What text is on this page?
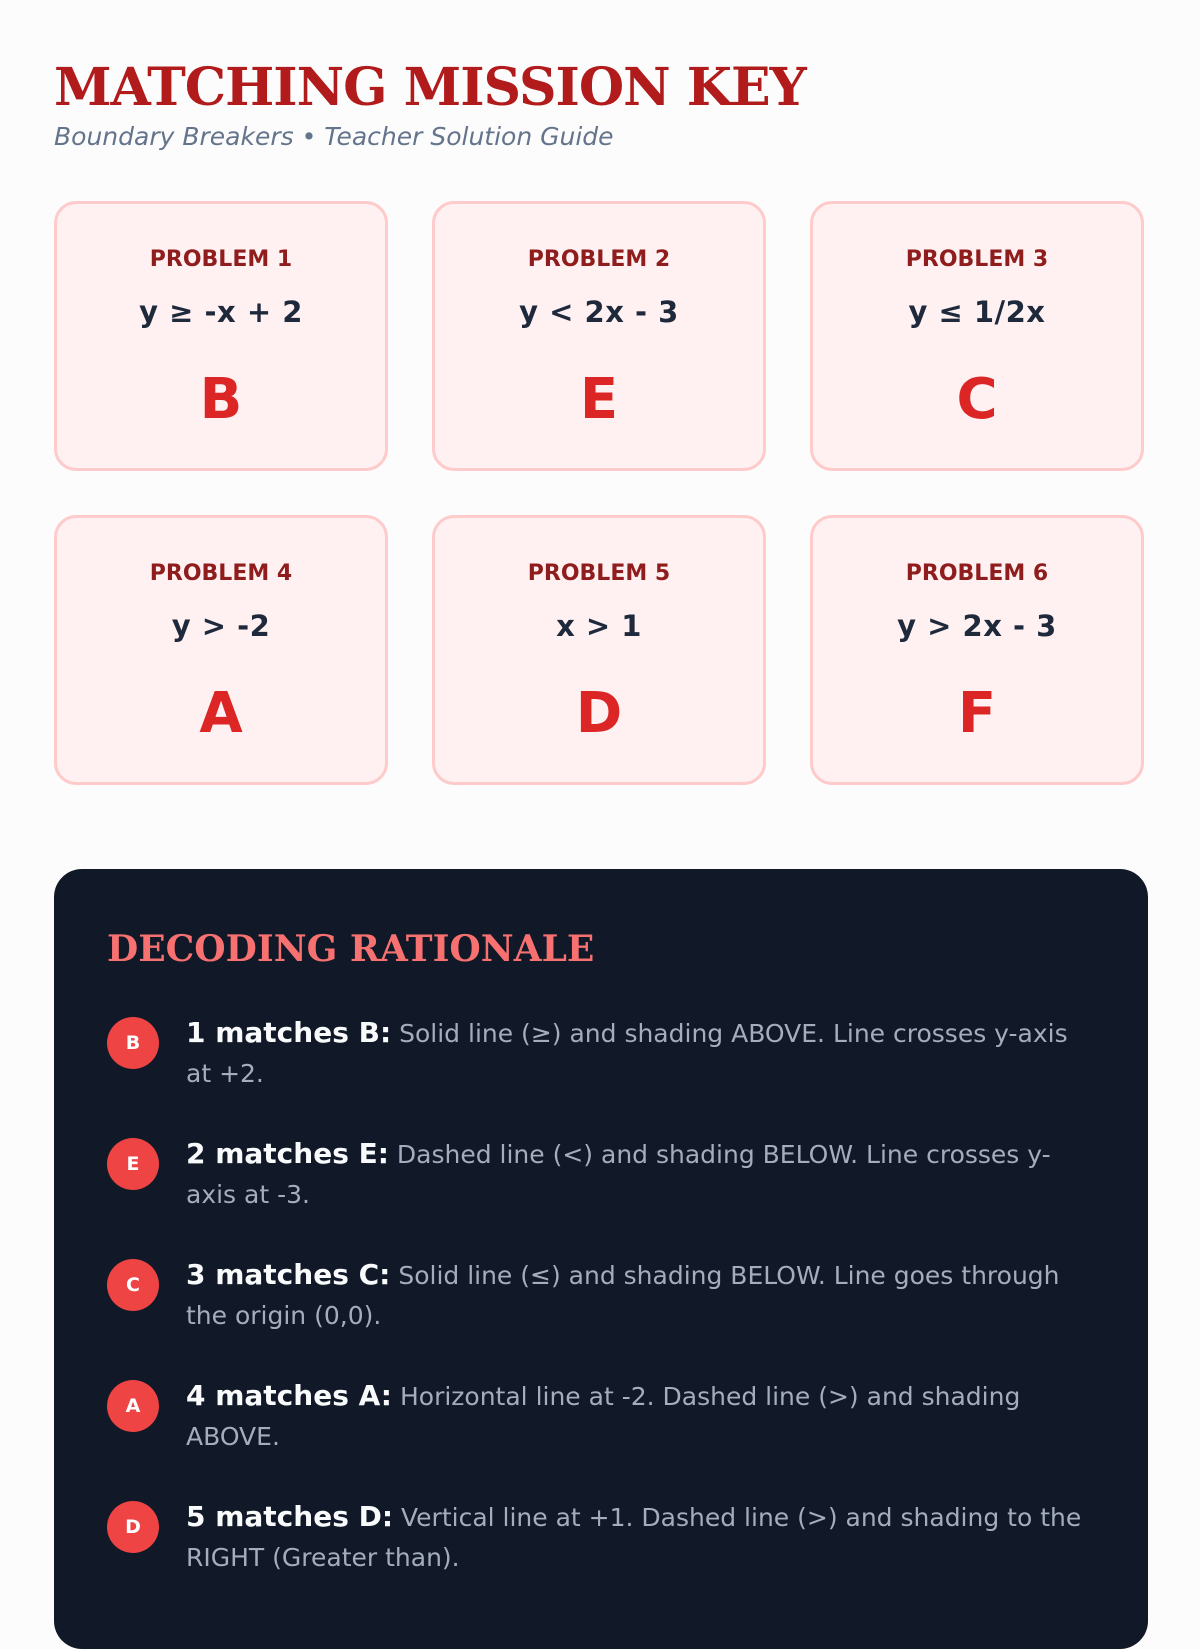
MATCHING MISSION KEY
Boundary Breakers • Teacher Solution Guide
PROBLEM 1
y ≥ -x + 2
B
PROBLEM 2
y < 2x - 3
E
PROBLEM 3
y ≤ 1/2x
C
PROBLEM 4
y > -2
A
PROBLEM 5
x > 1
D
PROBLEM 6
y > 2x - 3
F
DECODING RATIONALE
B	1 matches B: Solid line (≥) and shading ABOVE. Line crosses y-axis at +2.
E	2 matches E: Dashed line (<) and shading BELOW. Line crosses y-axis at -3.
C	3 matches C: Solid line (≤) and shading BELOW. Line goes through the origin (0,0).
A	4 matches A: Horizontal line at -2. Dashed line (>) and shading ABOVE.
D	5 matches D: Vertical line at +1. Dashed line (>) and shading to the RIGHT (Greater than).
